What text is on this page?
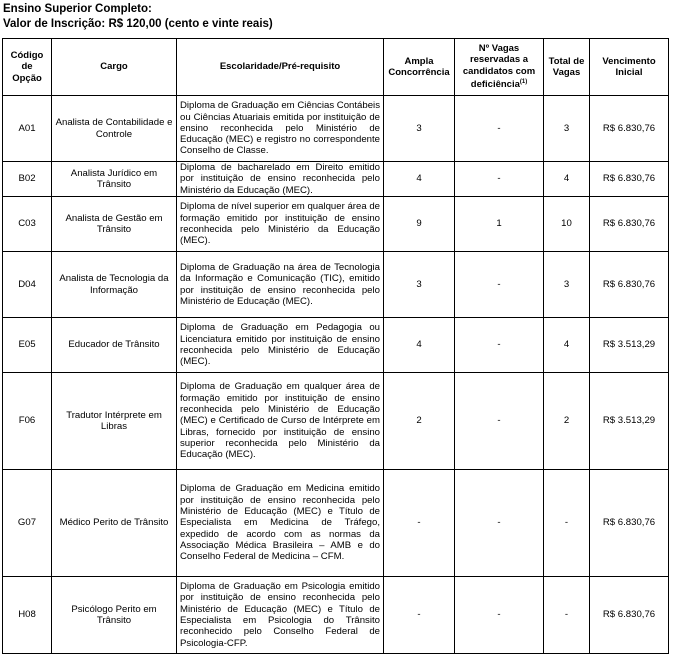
Ensino Superior Completo:
Valor de Inscrição: R$ 120,00 (cento e vinte reais)
Código de Opção	Cargo	Escolaridade/Pré-requisito	Ampla Concorrência	Nº Vagas reservadas a candidatos com deficiência$^{(1)}$	Total de Vagas	Vencimento Inicial
A01	Analista de Contabilidade e Controle	Diploma de Graduação em Ciências Contábeis ou Ciências Atuariais emitida por instituição de ensino reconhecida pelo Ministério de Educação (MEC) e registro no correspondente Conselho de Classe.	3	-	3	R$ 6.830,76
B02	Analista Jurídico em Trânsito	Diploma de bacharelado em Direito emitido por instituição de ensino reconhecida pelo Ministério da Educação (MEC).	4	-	4	R$ 6.830,76
C03	Analista de Gestão em Trânsito	Diploma de nível superior em qualquer área de formação emitido por instituição de ensino reconhecida pelo Ministério da Educação (MEC).	9	1	10	R$ 6.830,76
D04	Analista de Tecnologia da Informação	Diploma de Graduação na área de Tecnologia da Informação e Comunicação (TIC), emitido por instituição de ensino reconhecida pelo Ministério de Educação (MEC).	3	-	3	R$ 6.830,76
E05	Educador de Trânsito	Diploma de Graduação em Pedagogia ou Licenciatura emitido por instituição de ensino reconhecida pelo Ministério de Educação (MEC).	4	-	4	R$ 3.513,29
F06	Tradutor Intérprete em Libras	Diploma de Graduação em qualquer área de formação emitido por instituição de ensino reconhecida pelo Ministério de Educação (MEC) e Certificado de Curso de Intérprete em Libras, fornecido por instituição de ensino superior reconhecida pelo Ministério da Educação (MEC).	2	-	2	R$ 3.513,29
G07	Médico Perito de Trânsito	Diploma de Graduação em Medicina emitido por instituição de ensino reconhecida pelo Ministério de Educação (MEC) e Título de Especialista em Medicina de Tráfego, expedido de acordo com as normas da Associação Médica Brasileira – AMB e do Conselho Federal de Medicina – CFM.	-	-	-	R$ 6.830,76
H08	Psicólogo Perito em Trânsito	Diploma de Graduação em Psicologia emitido por instituição de ensino reconhecida pelo Ministério de Educação (MEC) e Título de Especialista em Psicologia do Trânsito reconhecido pelo Conselho Federal de Psicologia-CFP.	-	-	-	R$ 6.830,76
